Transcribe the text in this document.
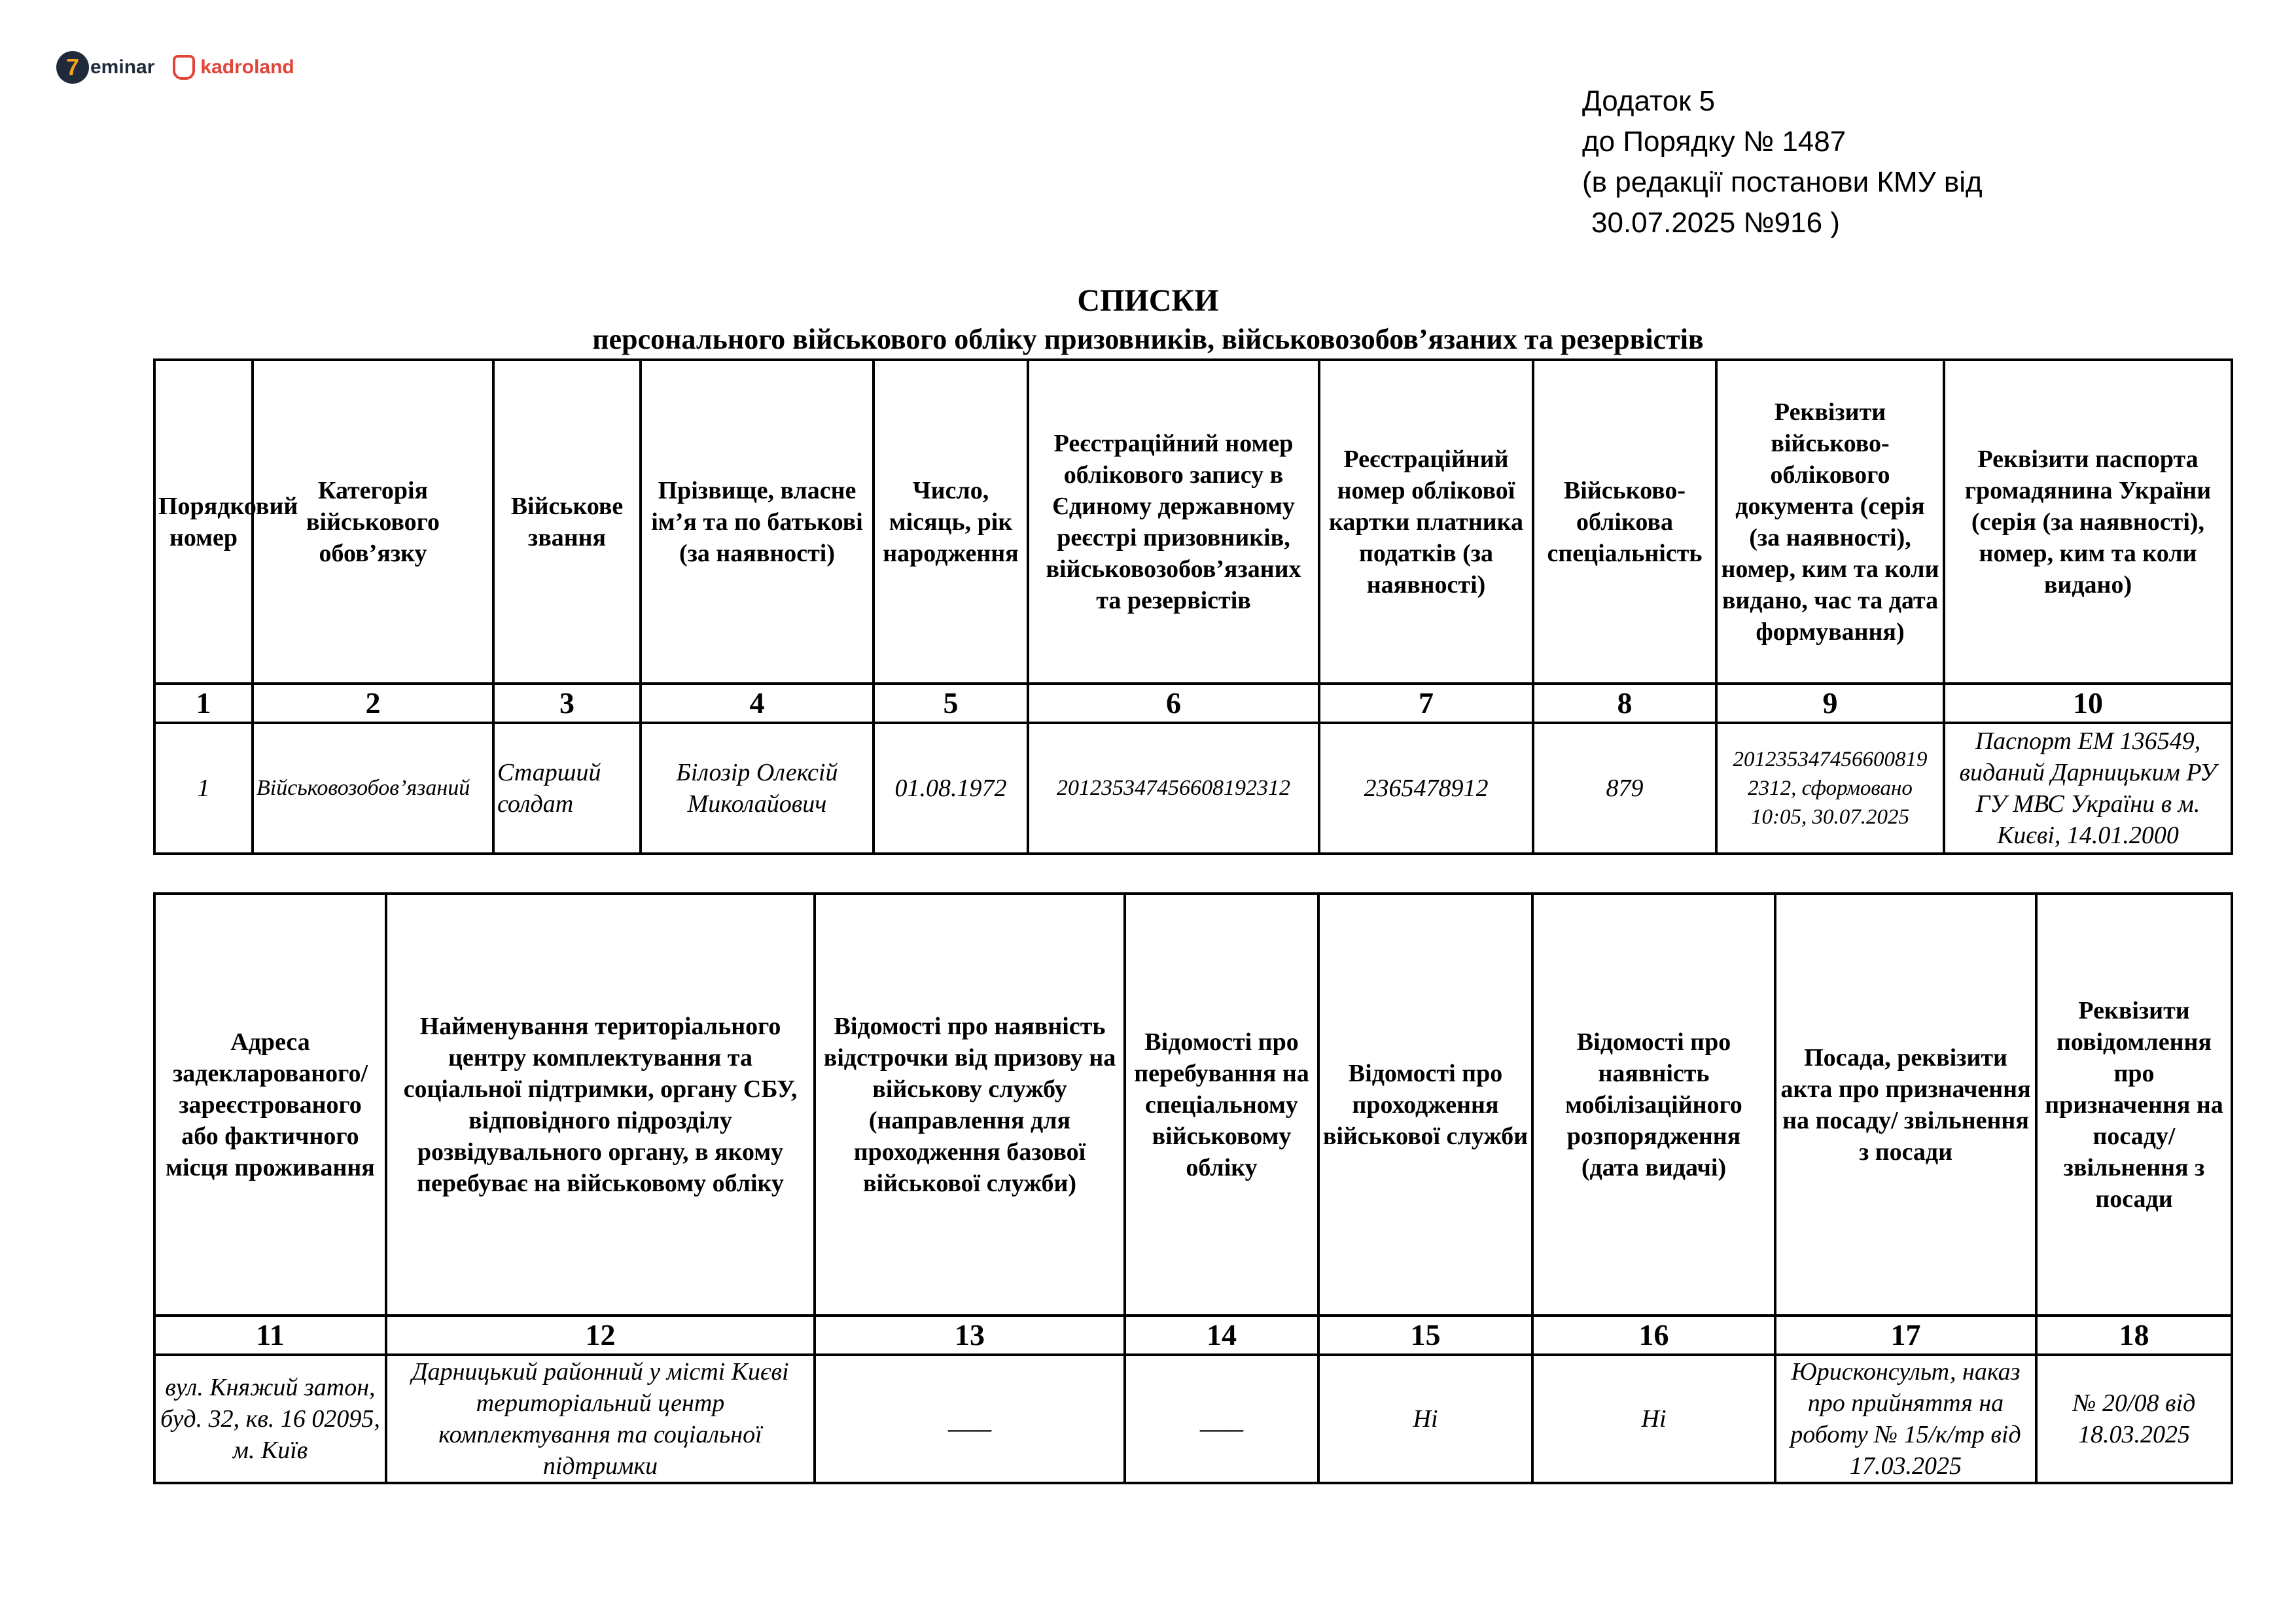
7 eminar kadroland
Додаток 5
до Порядку № 1487
(в редакції постанови КМУ від
30.07.2025 №916 )
СПИСКИ
персонального військового обліку призовників, військовозобов’язаних та резервістів
Порядковий номер	Категорія військового обов’язку	Військове звання	Прізвище, власне ім’я та по батькові (за наявності)	Число, місяць, рік народження	Реєстраційний номер облікового запису в Єдиному державному реєстрі призовників, військовозобов’язаних та резервістів	Реєстраційний номер облікової картки платника податків (за наявності)	Військово-облікова спеціальність	Реквізити військово-облікового документа (серія (за наявності), номер, ким та коли видано, час та дата формування)	Реквізити паспорта громадянина України (серія (за наявності), номер, ким та коли видано)
1	2	3	4	5	6	7	8	9	10
1	Військовозобов’язаний	Старший солдат	Білозір Олексій Миколайович	01.08.1972	20123534745660819231​2	2365478912	879	201235347456600819 2312, сформовано 10:05, 30.07.2025	Паспорт ЕМ 136549, виданий Дарницьким РУ ГУ МВС України в м. Києві, 14.01.2000
Адреса задекларованого/ зареєстрованого або фактичного місця проживання	Найменування територіального центру комплектування та соціальної підтримки, органу СБУ, відповідного підрозділу розвідувального органу, в якому перебуває на військовому обліку	Відомості про наявність відстрочки від призову на військову службу (направлення для проходження базової військової служби)	Відомості про перебування на спеціальному військовому обліку	Відомості про проходження військової служби	Відомості про наявність мобілізаційного розпорядження (дата видачі)	Посада, реквізити акта про призначення на посаду/ звільнення з посади	Реквізити повідомлення про призначення на посаду/ звільнення з посади
11	12	13	14	15	16	17	18
вул. Княжий затон, буд. 32, кв. 16 02095, м. Київ	Дарницький районний у місті Києві територіальний центр комплектування та соціальної підтримки	___	___	Ні	Ні	Юрисконсульт, наказ про прийняття на роботу № 15/к/тр від 17.03.2025	№ 20/08 від 18.03.2025
